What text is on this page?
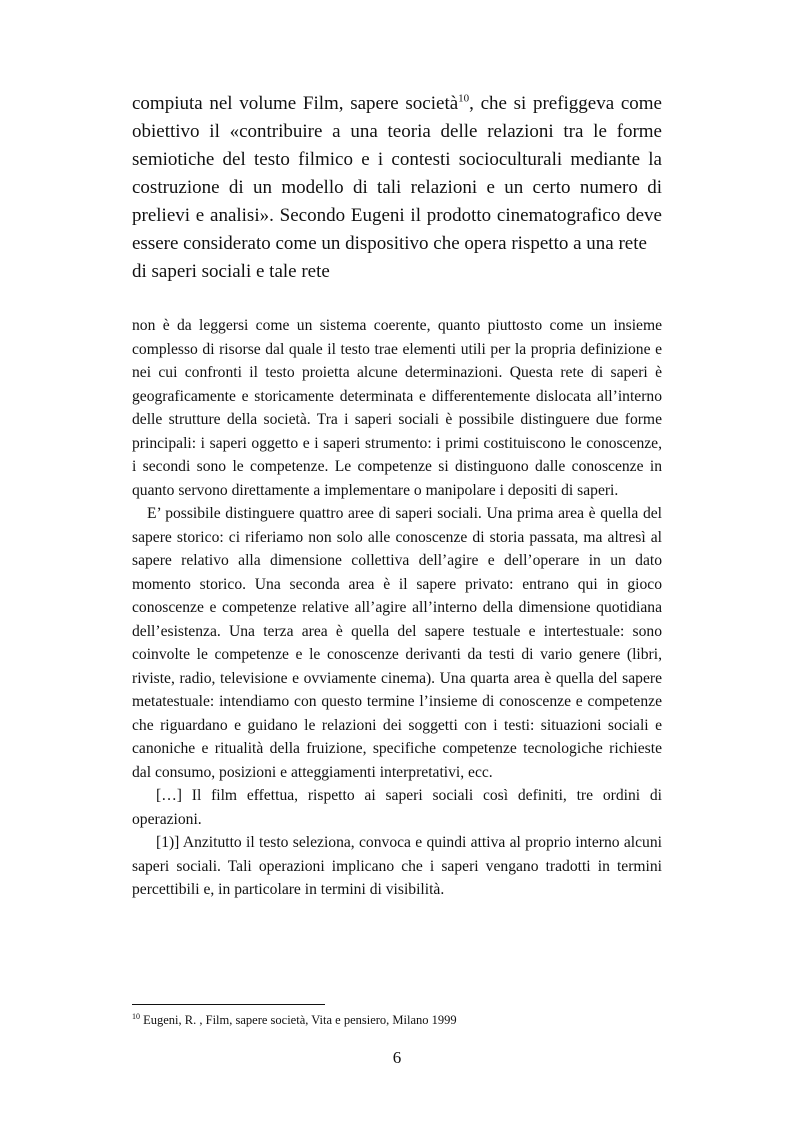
compiuta nel volume Film, sapere società$^{10}$, che si prefiggeva come obiettivo il «contribuire a una teoria delle relazioni tra le forme semiotiche del testo filmico e i contesti socioculturali mediante la costruzione di un modello di tali relazioni e un certo numero di prelievi e analisi». Secondo Eugeni il prodotto cinematografico deve essere considerato come un dispositivo che opera rispetto a una rete
di saperi sociali e tale rete

non è da leggersi come un sistema coerente, quanto piuttosto come un insieme complesso di risorse dal quale il testo trae elementi utili per la propria definizione e nei cui confronti il testo proietta alcune determinazioni. Questa rete di saperi è geograficamente e storicamente determinata e differentemente dislocata all’interno delle strutture della società. Tra i saperi sociali è possibile distinguere due forme principali: i saperi oggetto e i saperi strumento: i primi costituiscono le conoscenze, i secondi sono le competenze. Le competenze si distinguono dalle conoscenze in quanto servono direttamente a implementare o manipolare i depositi di saperi.

E’ possibile distinguere quattro aree di saperi sociali. Una prima area è quella del sapere storico: ci riferiamo non solo alle conoscenze di storia passata, ma altresì al sapere relativo alla dimensione collettiva dell’agire e dell’operare in un dato momento storico. Una seconda area è il sapere privato: entrano qui in gioco conoscenze e competenze relative all’agire all’interno della dimensione quotidiana dell’esistenza. Una terza area è quella del sapere testuale e intertestuale: sono coinvolte le competenze e le conoscenze derivanti da testi di vario genere (libri, riviste, radio, televisione e ovviamente cinema). Una quarta area è quella del sapere metatestuale: intendiamo con questo termine l’insieme di conoscenze e competenze che riguardano e guidano le relazioni dei soggetti con i testi: situazioni sociali e canoniche e ritualità della fruizione, specifiche competenze tecnologiche richieste dal consumo, posizioni e atteggiamenti interpretativi, ecc.

[…] Il film effettua, rispetto ai saperi sociali così definiti, tre ordini di operazioni.

[1)] Anzitutto il testo seleziona, convoca e quindi attiva al proprio interno alcuni saperi sociali. Tali operazioni implicano che i saperi vengano tradotti in termini percettibili e, in particolare in termini di visibilità.

$^{10}$ Eugeni, R. , Film, sapere società, Vita e pensiero, Milano 1999
6
